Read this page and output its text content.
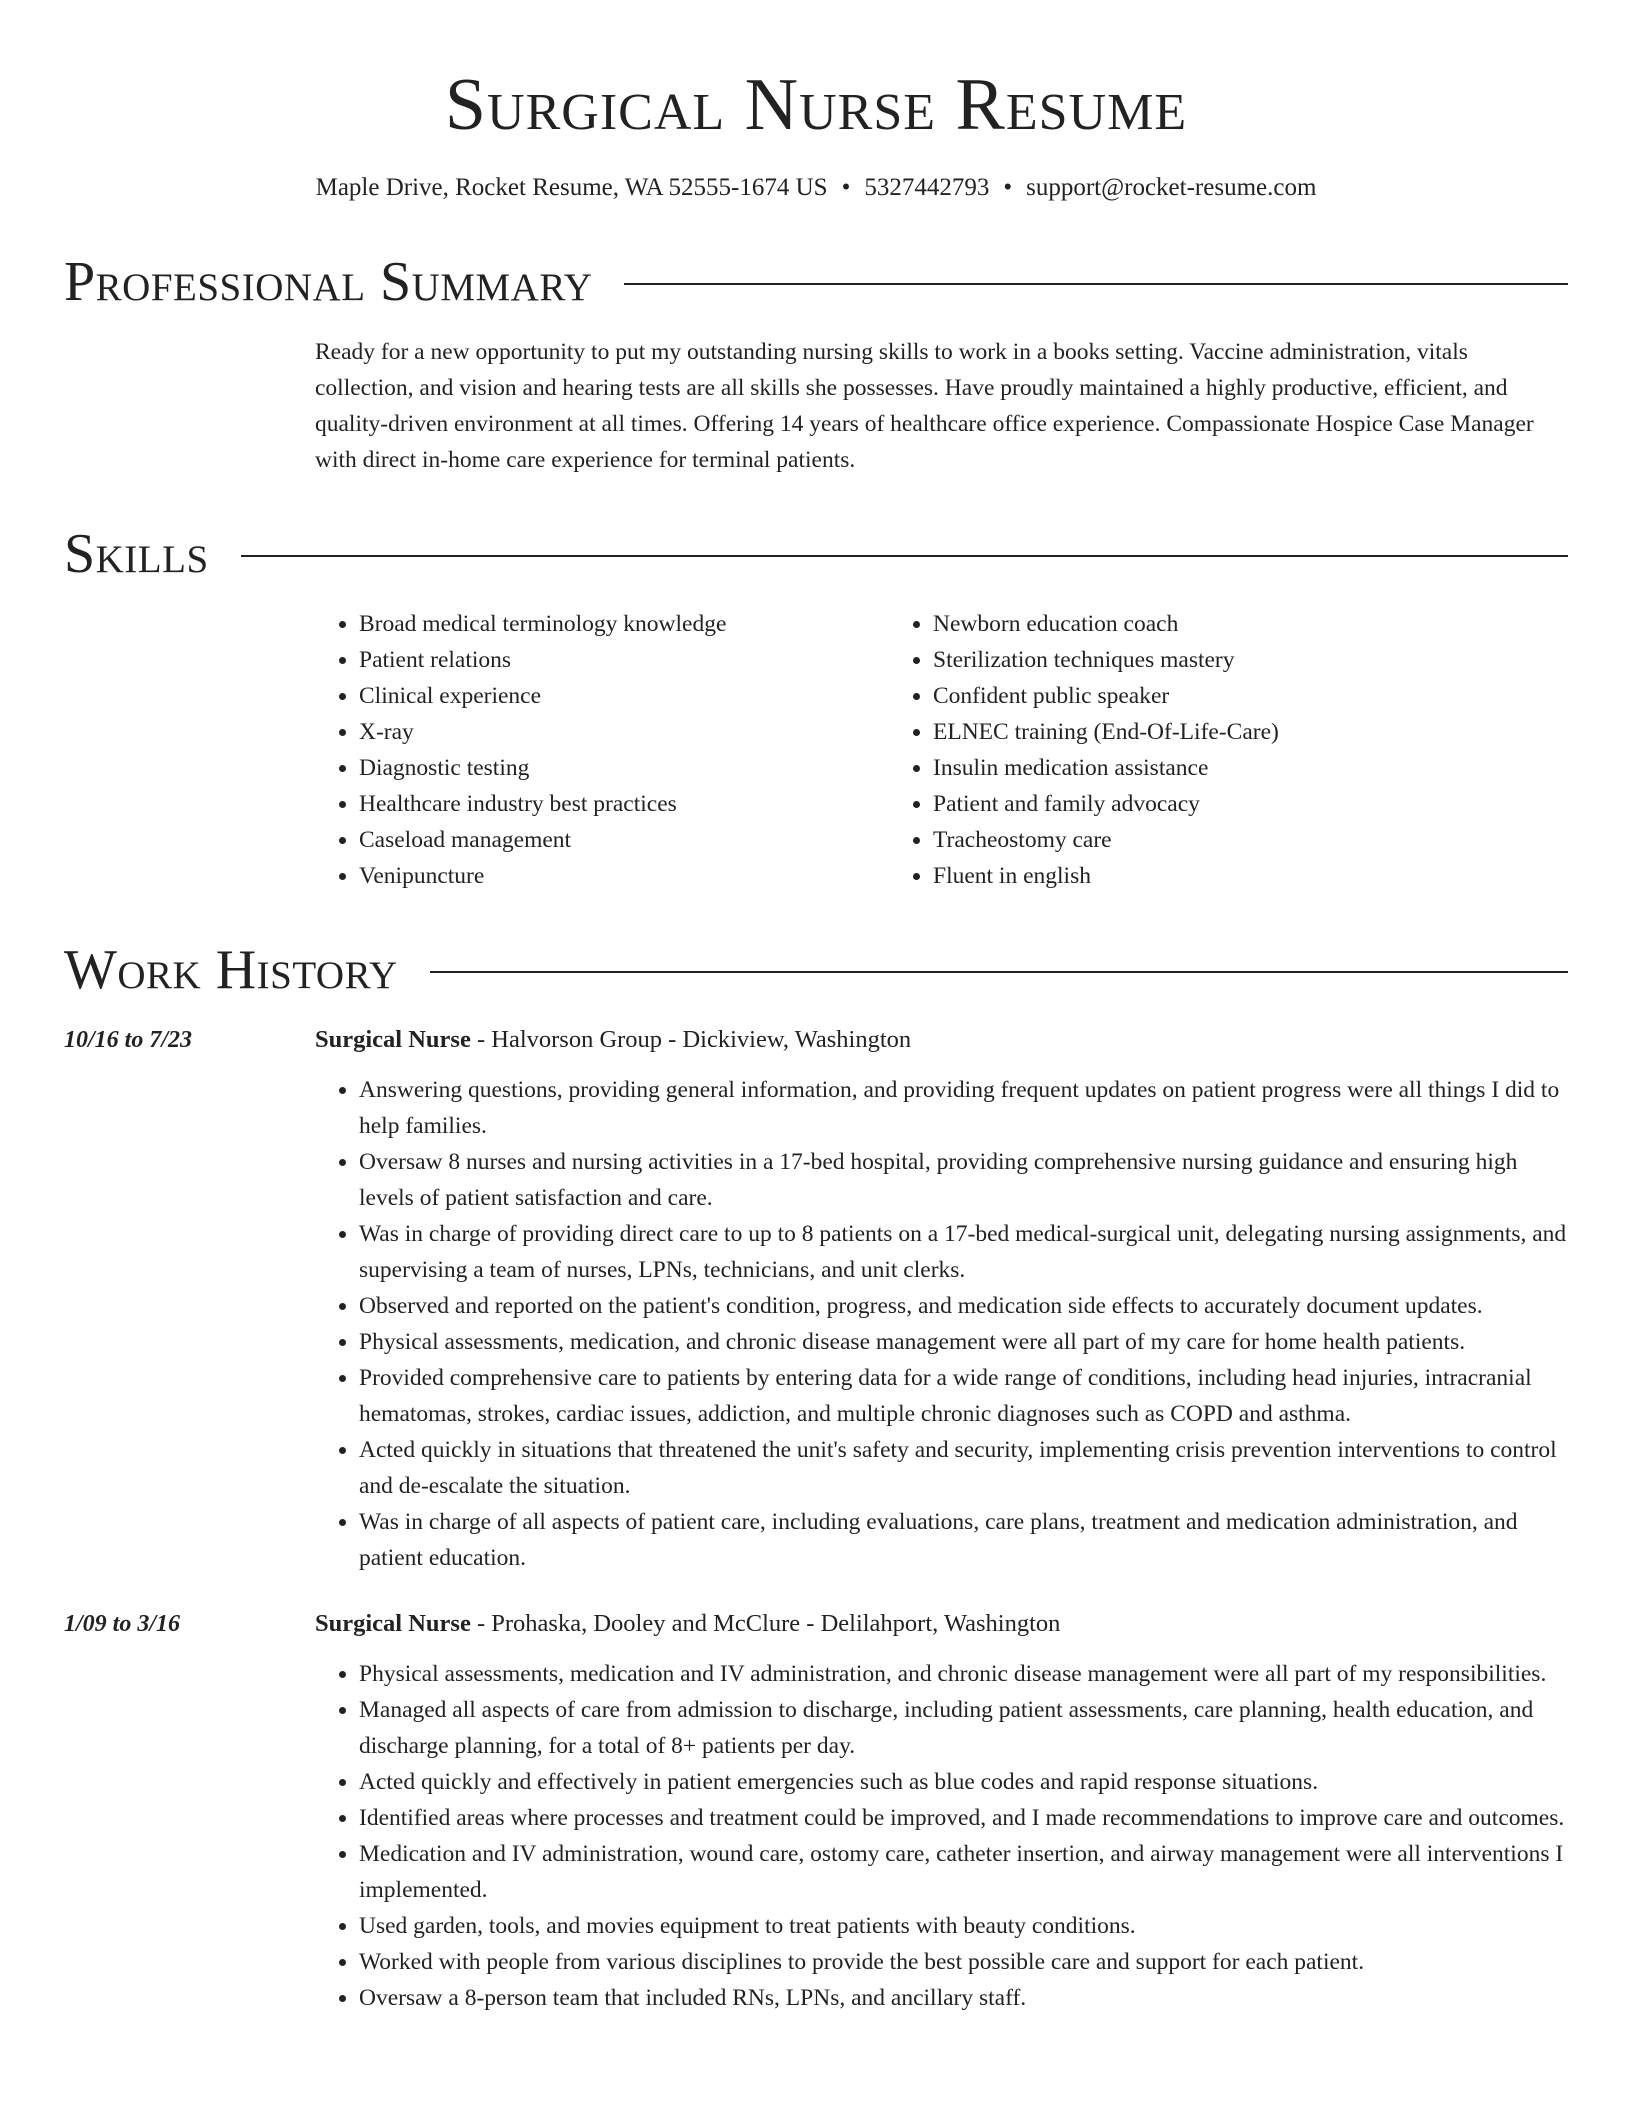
Surgical Nurse Resume
Maple Drive, Rocket Resume, WA 52555-1674 US • 5327442793 • support@rocket-resume.com
Professional Summary
Ready for a new opportunity to put my outstanding nursing skills to work in a books setting. Vaccine administration, vitals collection, and vision and hearing tests are all skills she possesses. Have proudly maintained a highly productive, efficient, and quality-driven environment at all times. Offering 14 years of healthcare office experience. Compassionate Hospice Case Manager with direct in-home care experience for terminal patients.
Skills
• Broad medical terminology knowledge
• Patient relations
• Clinical experience
• X-ray
• Diagnostic testing
• Healthcare industry best practices
• Caseload management
• Venipuncture
• Newborn education coach
• Sterilization techniques mastery
• Confident public speaker
• ELNEC training (End-Of-Life-Care)
• Insulin medication assistance
• Patient and family advocacy
• Tracheostomy care
• Fluent in english
Work History
10/16 to 7/23	Surgical Nurse - Halvorson Group - Dickiview, Washington
• Answering questions, providing general information, and providing frequent updates on patient progress were all things I did to help families.
• Oversaw 8 nurses and nursing activities in a 17-bed hospital, providing comprehensive nursing guidance and ensuring high levels of patient satisfaction and care.
• Was in charge of providing direct care to up to 8 patients on a 17-bed medical-surgical unit, delegating nursing assignments, and supervising a team of nurses, LPNs, technicians, and unit clerks.
• Observed and reported on the patient's condition, progress, and medication side effects to accurately document updates.
• Physical assessments, medication, and chronic disease management were all part of my care for home health patients.
• Provided comprehensive care to patients by entering data for a wide range of conditions, including head injuries, intracranial hematomas, strokes, cardiac issues, addiction, and multiple chronic diagnoses such as COPD and asthma.
• Acted quickly in situations that threatened the unit's safety and security, implementing crisis prevention interventions to control and de-escalate the situation.
• Was in charge of all aspects of patient care, including evaluations, care plans, treatment and medication administration, and patient education.
1/09 to 3/16	Surgical Nurse - Prohaska, Dooley and McClure - Delilahport, Washington
• Physical assessments, medication and IV administration, and chronic disease management were all part of my responsibilities.
• Managed all aspects of care from admission to discharge, including patient assessments, care planning, health education, and discharge planning, for a total of 8+ patients per day.
• Acted quickly and effectively in patient emergencies such as blue codes and rapid response situations.
• Identified areas where processes and treatment could be improved, and I made recommendations to improve care and outcomes.
• Medication and IV administration, wound care, ostomy care, catheter insertion, and airway management were all interventions I implemented.
• Used garden, tools, and movies equipment to treat patients with beauty conditions.
• Worked with people from various disciplines to provide the best possible care and support for each patient.
• Oversaw a 8-person team that included RNs, LPNs, and ancillary staff.
